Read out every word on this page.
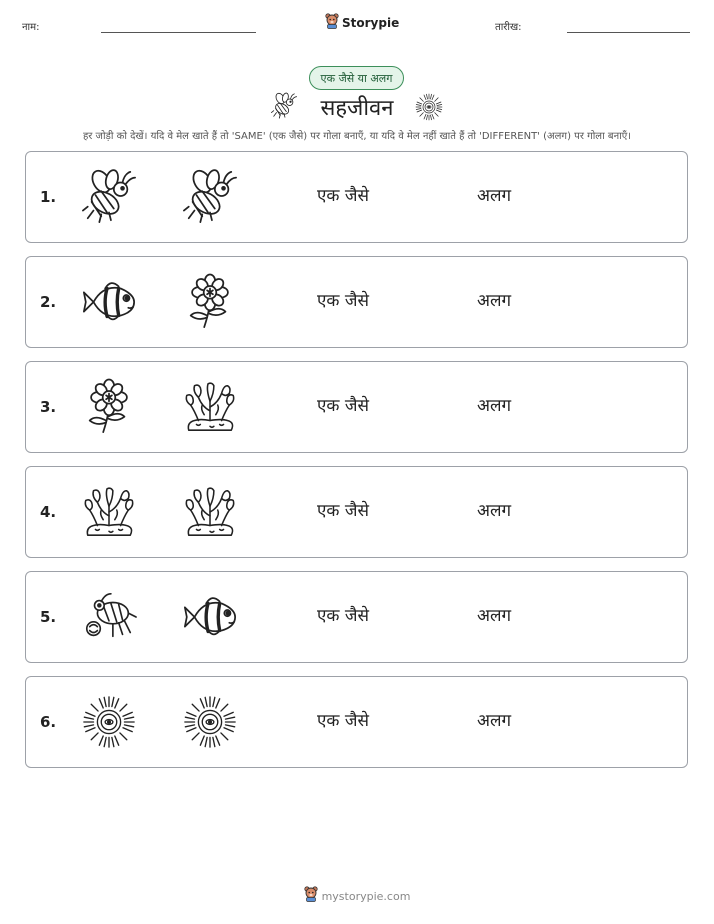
नाम:	Storypie	तारीख:
एक जैसे या अलग
सहजीवन
हर जोड़ी को देखें। यदि वे मेल खाते हैं तो 'SAME' (एक जैसे) पर गोला बनाएँ, या यदि वे मेल नहीं खाते हैं तो 'DIFFERENT' (अलग) पर गोला बनाएँ।
1.	एक जैसे	अलग
2.	एक जैसे	अलग
3.	एक जैसे	अलग
4.	एक जैसे	अलग
5.	एक जैसे	अलग
6.	एक जैसे	अलग
mystorypie.com
